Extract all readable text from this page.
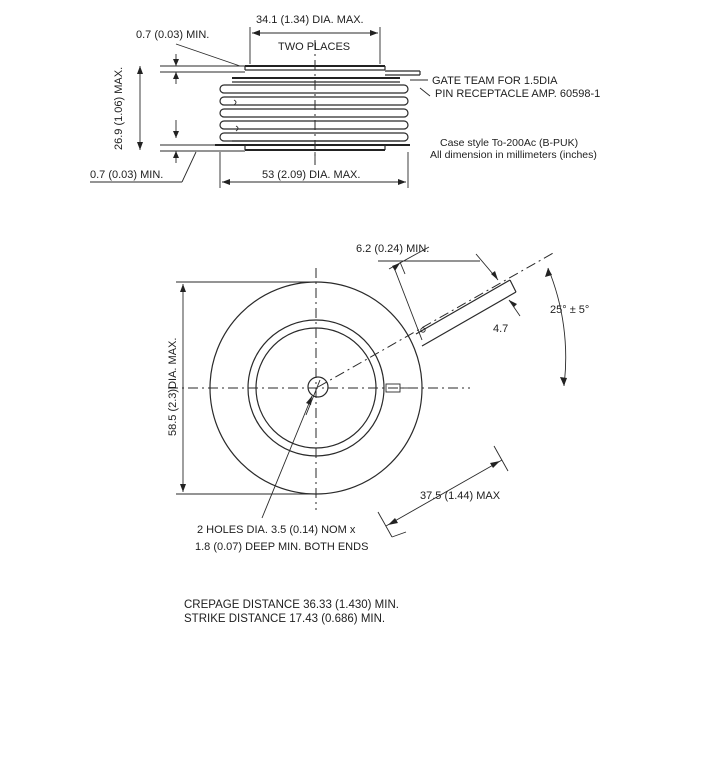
34.1 (1.34) DIA. MAX.
TWO PLACES
0.7 (0.03) MIN.
26.9 (1.06) MAX.
0.7 (0.03) MIN.	53 (2.09) DIA. MAX.
GATE TEAM FOR 1.5DIA
PIN RECEPTACLE AMP. 60598-1
Case style To-200Ac (B-PUK)
All dimension in millimeters (inches)
25° ± 5°
6.2 (0.24) MIN.
4.7
58.5 (2.3)DIA. MAX.
37.5 (1.44) MAX
2 HOLES DIA. 3.5 (0.14) NOM x
1.8 (0.07) DEEP MIN. BOTH ENDS
CREPAGE DISTANCE 36.33 (1.430) MIN.
STRIKE DISTANCE 17.43 (0.686) MIN.
